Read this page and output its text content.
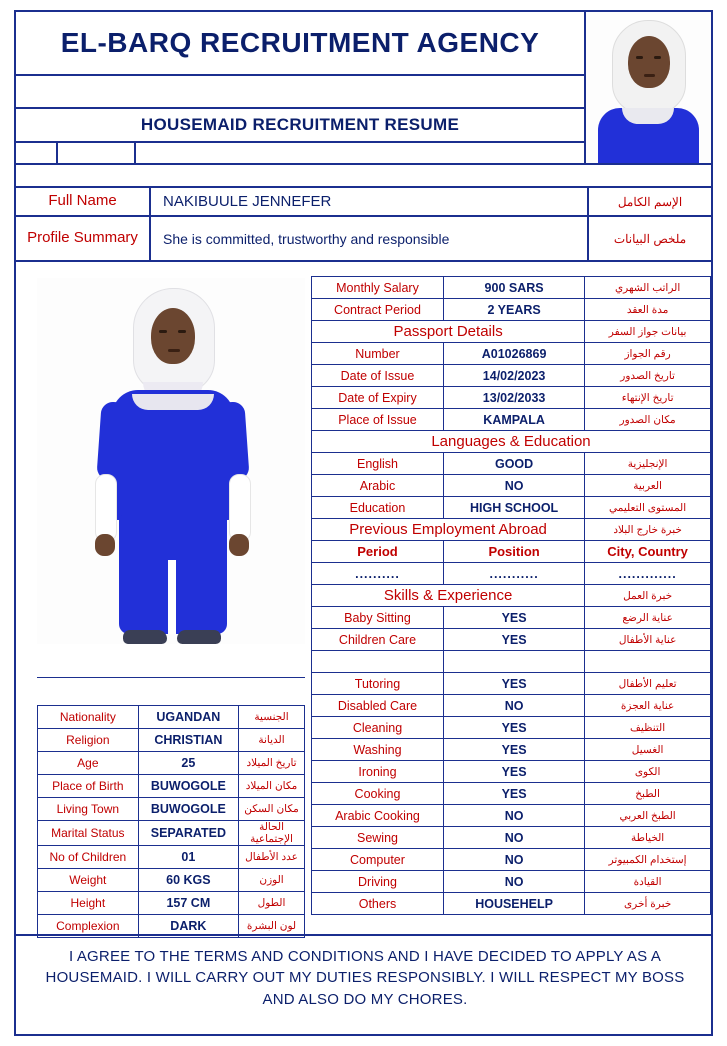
EL-BARQ RECRUITMENT AGENCY
HOUSEMAID RECRUITMENT RESUME
Full Name	NAKIBUULE JENNEFER	الإسم الكامل
Profile Summary	She is committed, trustworthy and responsible	ملخص البيانات
Monthly Salary	900 SARS	الراتب الشهري
Contract Period	2 YEARS	مدة العقد
Passport Details		بيانات جواز السفر
Number	A01026869	رقم الجواز
Date of Issue	14/02/2023	تاريخ الصدور
Date of Expiry	13/02/2033	تاريخ الإنتهاء
Place of Issue	KAMPALA	مكان الصدور
Languages & Education		
English	GOOD	الإنجليزية
Arabic	NO	العربية
Education	HIGH SCHOOL	المستوى التعليمي
Previous Employment Abroad		خبرة خارج البلاد
Period	Position	City, Country
..........	...........	.............
Skills & Experience		خبرة العمل
Baby Sitting	YES	عناية الرضع
Children Care	YES	عناية الأطفال

Tutoring	YES	تعليم الأطفال
Disabled Care	NO	عناية العجزة
Cleaning	YES	التنظيف
Washing	YES	الغسيل
Ironing	YES	الكوى
Cooking	YES	الطبخ
Arabic Cooking	NO	الطبخ العربي
Sewing	NO	الخياطة
Computer	NO	إستخدام الكمبيوتر
Driving	NO	القيادة
Others	HOUSEHELP	خبرة أخرى
Nationality	UGANDAN	الجنسية
Religion	CHRISTIAN	الديانة
Age	25	تاريخ الميلاد
Place of Birth	BUWOGOLE	مكان الميلاد
Living Town	BUWOGOLE	مكان السكن
Marital Status	SEPARATED	الحالة الإجتماعية
No of Children	01	عدد الأطفال
Weight	60 KGS	الوزن
Height	157 CM	الطول
Complexion	DARK	لون البشرة
I AGREE TO THE TERMS AND CONDITIONS AND I HAVE DECIDED TO APPLY AS A HOUSEMAID. I WILL CARRY OUT MY DUTIES RESPONSIBLY. I WILL RESPECT MY BOSS AND ALSO DO MY CHORES.
